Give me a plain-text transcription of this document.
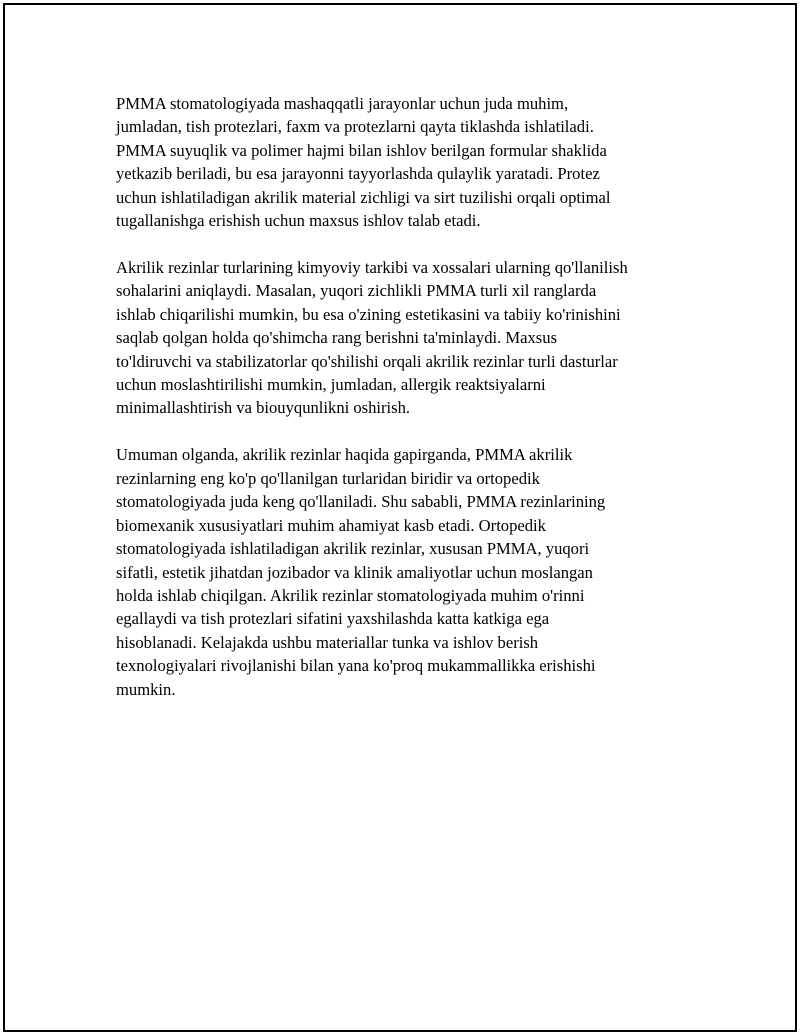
PMMA stomatologiyada mashaqqatli jarayonlar uchun juda muhim,
jumladan, tish protezlari, faxm va protezlarni qayta tiklashda ishlatiladi.
PMMA suyuqlik va polimer hajmi bilan ishlov berilgan formular shaklida
yetkazib beriladi, bu esa jarayonni tayyorlashda qulaylik yaratadi. Protez
uchun ishlatiladigan akrilik material zichligi va sirt tuzilishi orqali optimal
tugallanishga erishish uchun maxsus ishlov talab etadi.

Akrilik rezinlar turlarining kimyoviy tarkibi va xossalari ularning qo'llanilish
sohalarini aniqlaydi. Masalan, yuqori zichlikli PMMA turli xil ranglarda
ishlab chiqarilishi mumkin, bu esa o'zining estetikasini va tabiiy ko'rinishini
saqlab qolgan holda qo'shimcha rang berishni ta'minlaydi. Maxsus
to'ldiruvchi va stabilizatorlar qo'shilishi orqali akrilik rezinlar turli dasturlar
uchun moslashtirilishi mumkin, jumladan, allergik reaktsiyalarni
minimallashtirish va biouyqunlikni oshirish.

Umuman olganda, akrilik rezinlar haqida gapirganda, PMMA akrilik
rezinlarning eng ko'p qo'llanilgan turlaridan biridir va ortopedik
stomatologiyada juda keng qo'llaniladi. Shu sababli, PMMA rezinlarining
biomexanik xususiyatlari muhim ahamiyat kasb etadi. Ortopedik
stomatologiyada ishlatiladigan akrilik rezinlar, xususan PMMA, yuqori
sifatli, estetik jihatdan jozibador va klinik amaliyotlar uchun moslangan
holda ishlab chiqilgan. Akrilik rezinlar stomatologiyada muhim o'rinni
egallaydi va tish protezlari sifatini yaxshilashda katta katkiga ega
hisoblanadi. Kelajakda ushbu materiallar tunka va ishlov berish
texnologiyalari rivojlanishi bilan yana ko'proq mukammallikka erishishi
mumkin.
